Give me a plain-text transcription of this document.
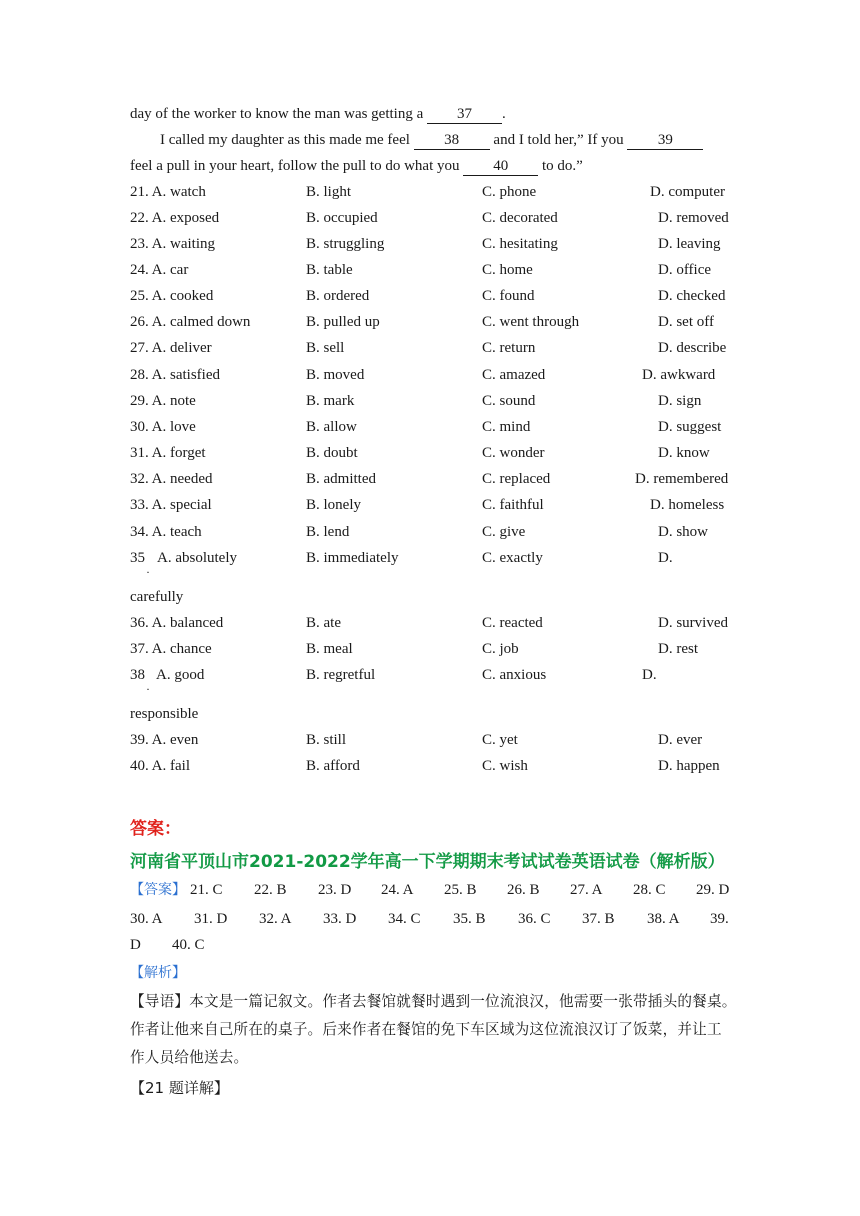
day of the worker to know the man was getting a 37 .
I called my daughter as this made me feel 38 and I told her,” If you 39
feel a pull in your heart, follow the pull to do what you 40 to do.”
21. A. watch	B. light	C. phone	D. computer
22. A. exposed	B. occupied	C. decorated	D. removed
23. A. waiting	B. struggling	C. hesitating	D. leaving
24. A. car	B. table	C. home	D. office
25. A. cooked	B. ordered	C. found	D. checked
26. A. calmed down	B. pulled up	C. went through	D. set off
27. A. deliver	B. sell	C. return	D. describe
28. A. satisfied	B. moved	C. amazed	D. awkward
29. A. note	B. mark	C. sound	D. sign
30. A. love	B. allow	C. mind	D. suggest
31. A. forget	B. doubt	C. wonder	D. know
32. A. needed	B. admitted	C. replaced	D. remembered
33. A. special	B. lonely	C. faithful	D. homeless
34. A. teach	B. lend	C. give	D. show
35
·
A. absolutely	B. immediately	C. exactly	D.
carefully
36. A. balanced	B. ate	C. reacted	D. survived
37. A. chance	B. meal	C. job	D. rest
38
·
A. good	B. regretful	C. anxious	D.
responsible
39. A. even	B. still	C. yet	D. ever
40. A. fail	B. afford	C. wish	D. happen
答案：
河南省平顶山市2021-2022学年高一下学期期末考试试卷英语试卷（解析版）
【答案】 21. C 22. B 23. D 24. A 25. B 26. B 27. A 28. C 29. D
30. A 31. D 32. A 33. D 34. C 35. B 36. C 37. B 38. A 39.
D 40. C
【解析】
【导语】本文是一篇记叙文。作者去餐馆就餐时遇到一位流浪汉，他需要一张带插头的餐桌。
作者让他来自己所在的桌子。后来作者在餐馆的免下车区域为这位流浪汉订了饭菜，并让工
作人员给他送去。
【21 题详解】
